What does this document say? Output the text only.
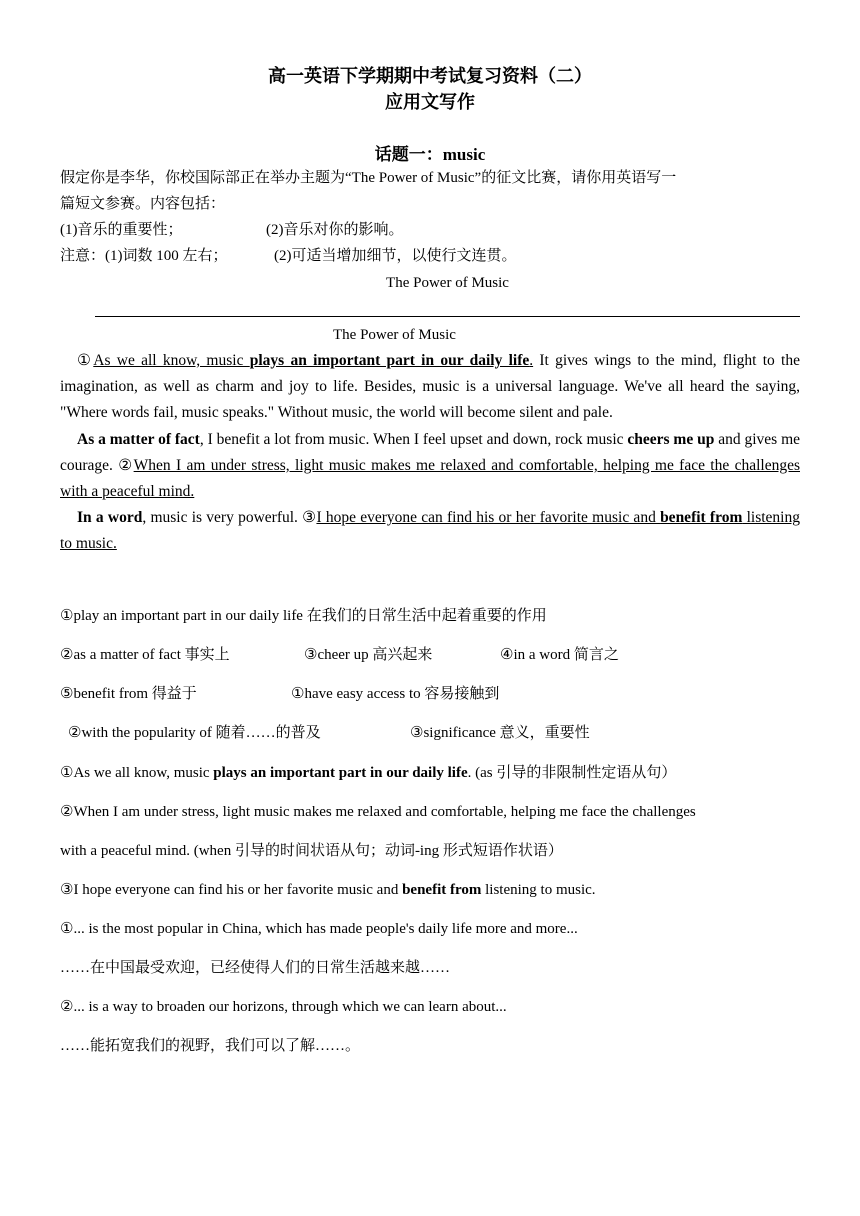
高一英语下学期期中考试复习资料（二）
应用文写作
话题一：music
假定你是李华，你校国际部正在举办主题为“The Power of Music”的征文比赛，请你用英语写一
篇短文参赛。内容包括：
(1)音乐的重要性；	(2)音乐对你的影响。
注意：(1)词数 100 左右；	(2)可适当增加细节，以使行文连贯。
The Power of Music
The Power of Music
①As we all know, music plays an important part in our daily life. It gives wings to the mind, flight to the imagination, as well as charm and joy to life. Besides, music is a universal language. We've all heard the saying, "Where words fail, music speaks." Without music, the world will become silent and pale.
As a matter of fact, I benefit a lot from music. When I feel upset and down, rock music cheers me up and gives me courage. ②When I am under stress, light music makes me relaxed and comfortable, helping me face the challenges with a peaceful mind.
In a word, music is very powerful. ③I hope everyone can find his or her favorite music and benefit from listening to music.
①play an important part in our daily life 在我们的日常生活中起着重要的作用
②as a matter of fact 事实上	③cheer up 高兴起来	④in a word 简言之
⑤benefit from 得益于	①have easy access to 容易接触到
②with the popularity of 随着……的普及	③significance 意义，重要性
①As we all know, music plays an important part in our daily life. (as 引导的非限制性定语从句）
②When I am under stress, light music makes me relaxed and comfortable, helping me face the challenges
with a peaceful mind. (when 引导的时间状语从句；动词-ing 形式短语作状语）
③I hope everyone can find his or her favorite music and benefit from listening to music.
①... is the most popular in China, which has made people's daily life more and more...
……在中国最受欢迎，已经使得人们的日常生活越来越……
②... is a way to broaden our horizons, through which we can learn about...
……能拓宽我们的视野，我们可以了解……。
